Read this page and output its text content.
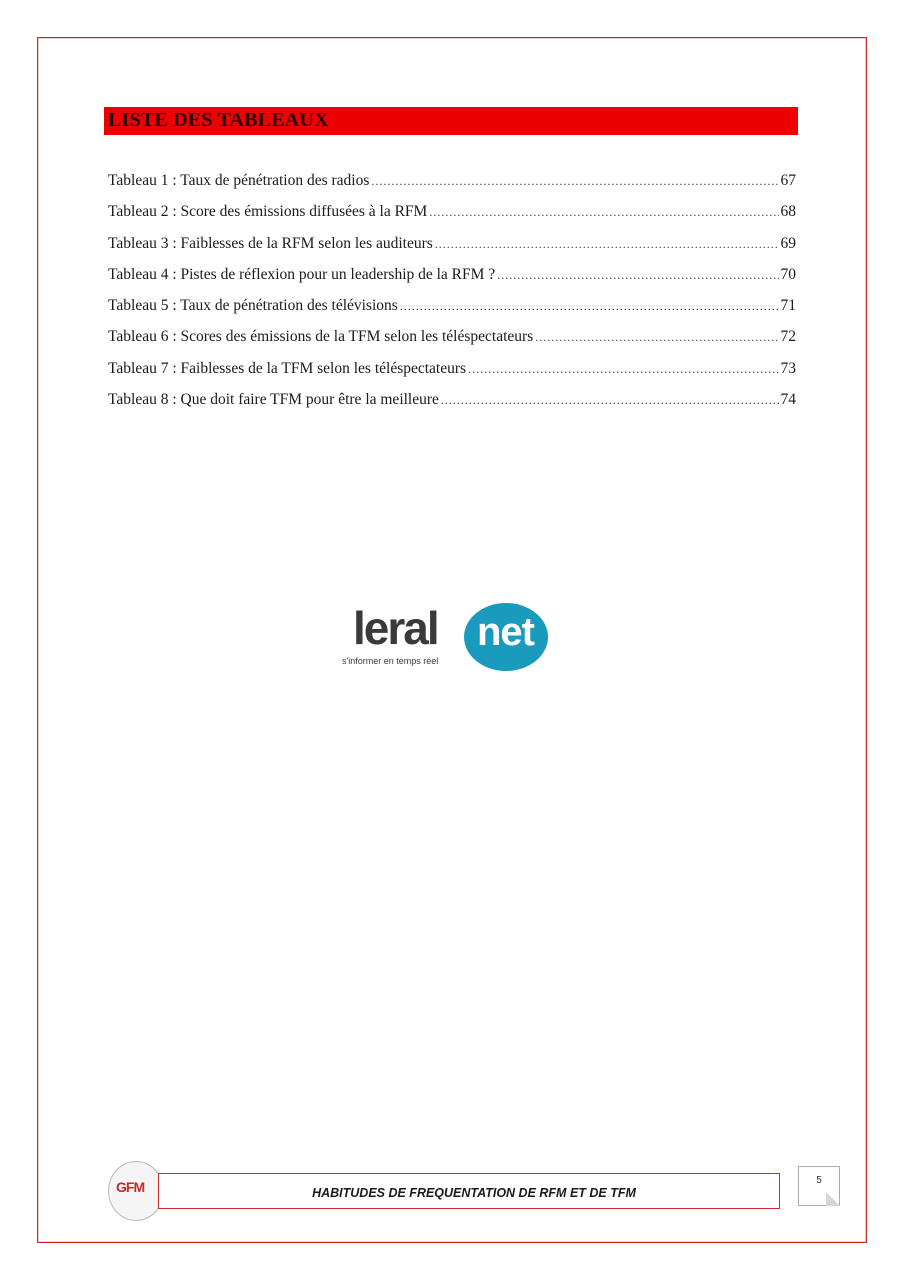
LISTE DES TABLEAUX
Tableau 1 : Taux de pénétration des radios .....	67
Tableau 2 : Score des émissions diffusées à la RFM .....	68
Tableau 3 : Faiblesses de la RFM selon les auditeurs .....	69
Tableau 4 : Pistes de réflexion pour un leadership de la RFM ? .....	70
Tableau 5 : Taux de pénétration des télévisions .....	71
Tableau 6 : Scores des émissions de la TFM selon les téléspectateurs .....	72
Tableau 7 : Faiblesses de la TFM selon les téléspectateurs .....	73
Tableau 8 : Que doit faire TFM pour être la meilleure .....	74
leral net
s'informer en temps réel
GFM	HABITUDES DE FREQUENTATION DE RFM ET DE TFM
5
